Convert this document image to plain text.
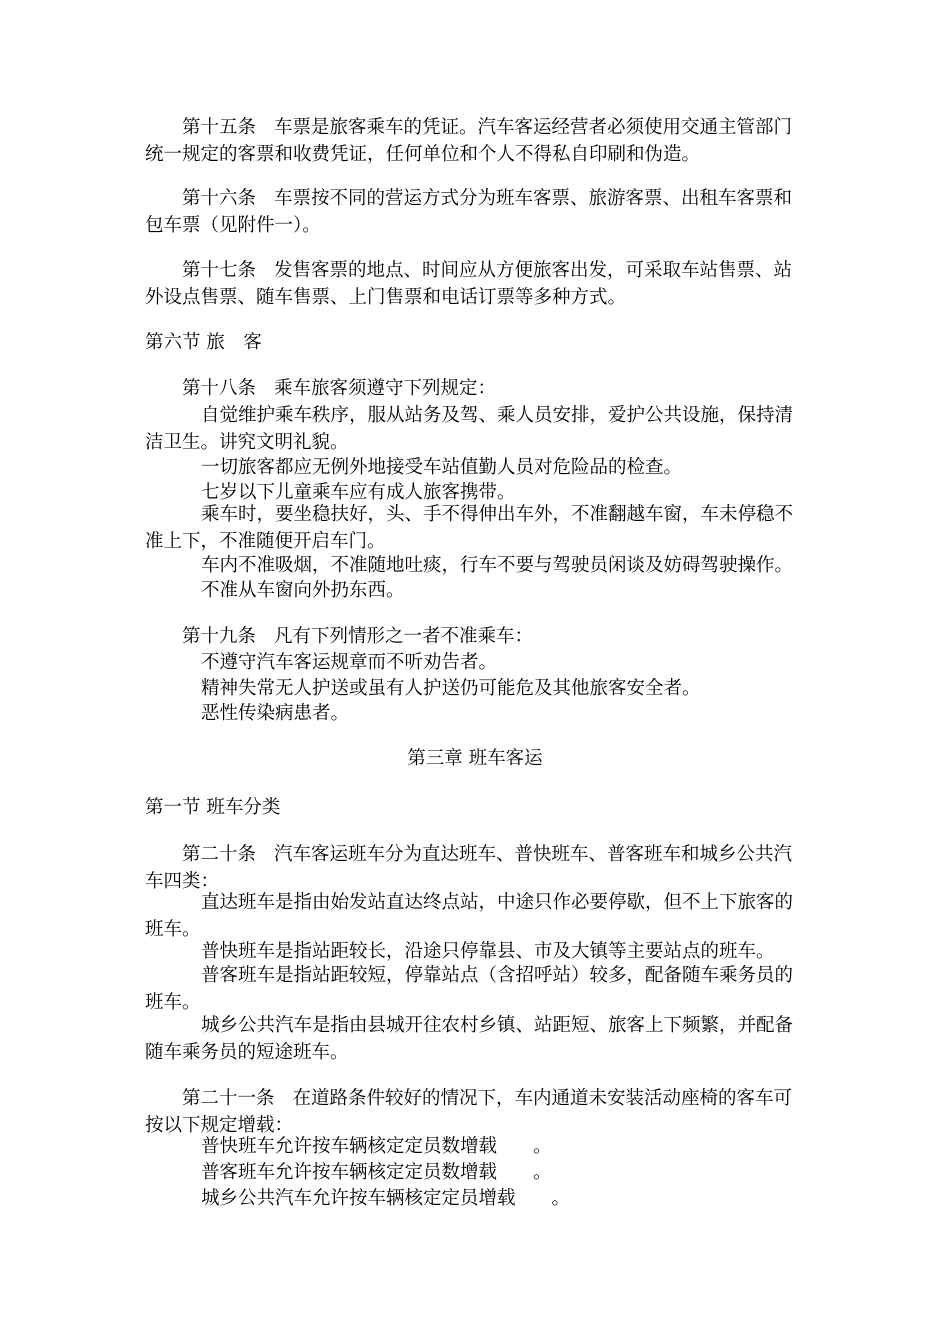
第十五条 车票是旅客乘车的凭证。汽车客运经营者必须使用交通主管部门统一规定的客票和收费凭证，任何单位和个人不得私自印刷和伪造。

第十六条 车票按不同的营运方式分为班车客票、旅游客票、出租车客票和包车票（见附件一）。

第十七条 发售客票的地点、时间应从方便旅客出发，可采取车站售票、站外设点售票、随车售票、上门售票和电话订票等多种方式。

第六节 旅　客

第十八条 乘车旅客须遵守下列规定：

自觉维护乘车秩序，服从站务及驾、乘人员安排，爱护公共设施，保持清洁卫生。讲究文明礼貌。

一切旅客都应无例外地接受车站值勤人员对危险品的检查。

七岁以下儿童乘车应有成人旅客携带。

乘车时，要坐稳扶好，头、手不得伸出车外，不准翻越车窗，车未停稳不准上下，不准随便开启车门。

车内不准吸烟，不准随地吐痰，行车不要与驾驶员闲谈及妨碍驾驶操作。

不准从车窗向外扔东西。

第十九条 凡有下列情形之一者不准乘车：

不遵守汽车客运规章而不听劝告者。

精神失常无人护送或虽有人护送仍可能危及其他旅客安全者。

恶性传染病患者。

第三章 班车客运
第一节 班车分类

第二十条 汽车客运班车分为直达班车、普快班车、普客班车和城乡公共汽车四类：

直达班车是指由始发站直达终点站，中途只作必要停歇，但不上下旅客的班车。

普快班车是指站距较长，沿途只停靠县、市及大镇等主要站点的班车。

普客班车是指站距较短，停靠站点（含招呼站）较多，配备随车乘务员的班车。

城乡公共汽车是指由县城开往农村乡镇、站距短、旅客上下频繁，并配备随车乘务员的短途班车。

第二十一条 在道路条件较好的情况下，车内通道未安装活动座椅的客车可按以下规定增载：

普快班车允许按车辆核定定员数增载 。

普客班车允许按车辆核定定员数增载 。

城乡公共汽车允许按车辆核定定员增载 。
